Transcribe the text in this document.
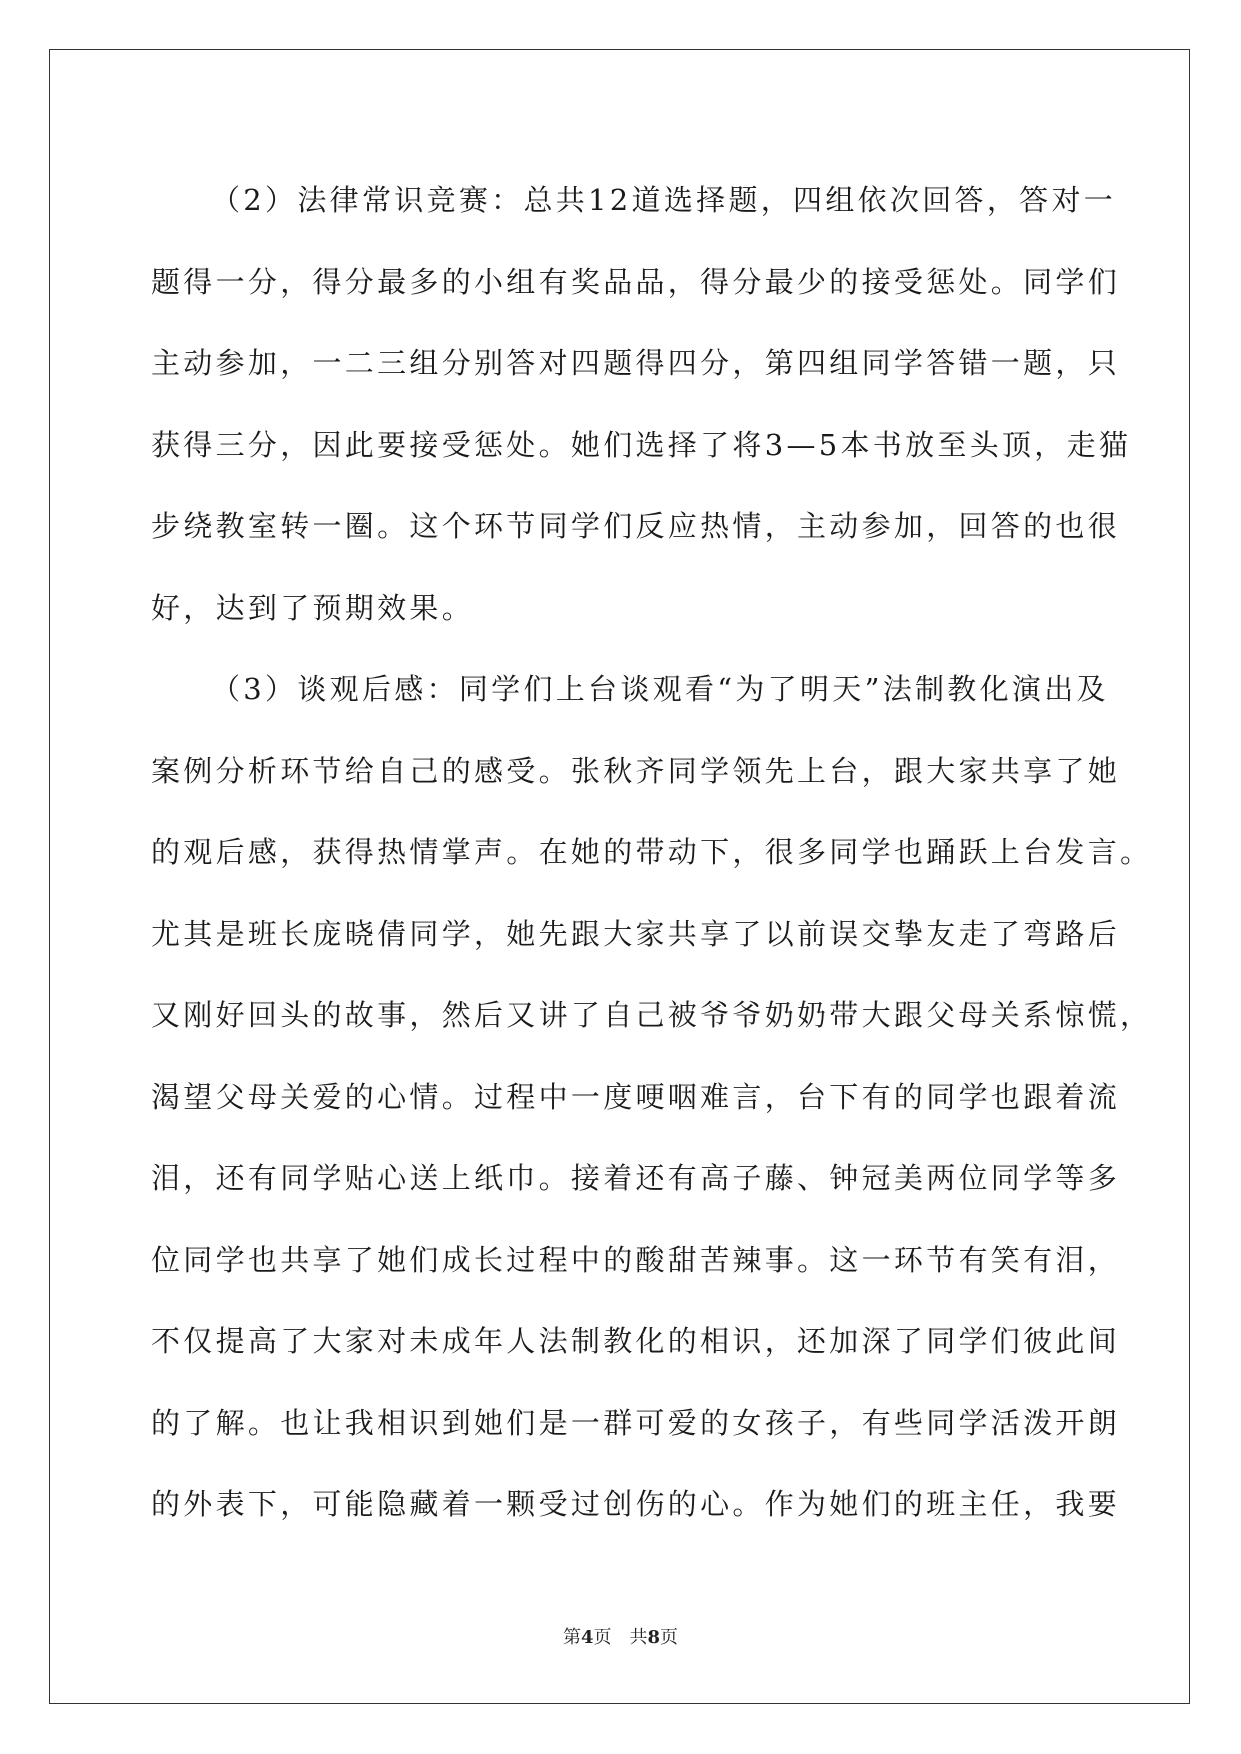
（2）法律常识竞赛：总共12道选择题，四组依次回答，答对一
题得一分，得分最多的小组有奖品品，得分最少的接受惩处。同学们
主动参加，一二三组分别答对四题得四分，第四组同学答错一题，只
获得三分，因此要接受惩处。她们选择了将3—5本书放至头顶，走猫
步绕教室转一圈。这个环节同学们反应热情，主动参加，回答的也很
好，达到了预期效果。

（3）谈观后感：同学们上台谈观看“为了明天”法制教化演出及
案例分析环节给自己的感受。张秋齐同学领先上台，跟大家共享了她
的观后感，获得热情掌声。在她的带动下，很多同学也踊跃上台发言。
尤其是班长庞晓倩同学，她先跟大家共享了以前误交挚友走了弯路后
又刚好回头的故事，然后又讲了自己被爷爷奶奶带大跟父母关系惊慌，
渴望父母关爱的心情。过程中一度哽咽难言，台下有的同学也跟着流
泪，还有同学贴心送上纸巾。接着还有高子藤、钟冠美两位同学等多
位同学也共享了她们成长过程中的酸甜苦辣事。这一环节有笑有泪，
不仅提高了大家对未成年人法制教化的相识，还加深了同学们彼此间
的了解。也让我相识到她们是一群可爱的女孩子，有些同学活泼开朗
的外表下，可能隐藏着一颗受过创伤的心。作为她们的班主任，我要

第4页 共8页
